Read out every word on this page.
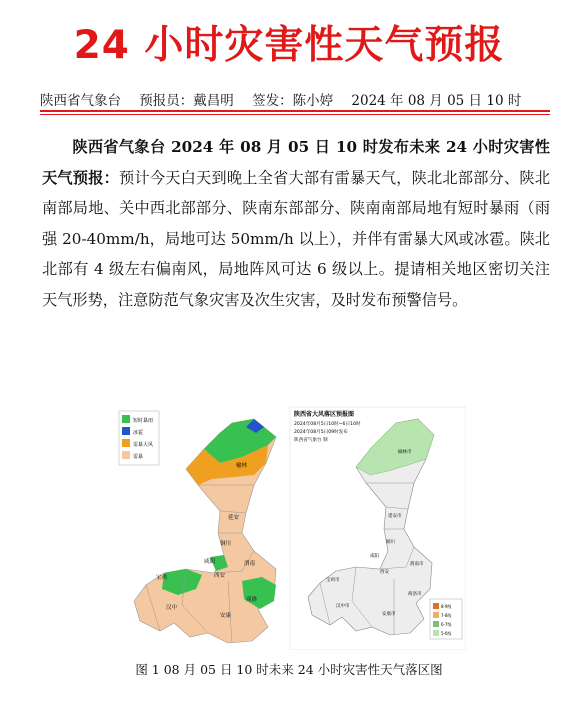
24 小时灾害性天气预报
陕西省气象台 预报员：戴昌明 签发：陈小婷 2024 年 08 月 05 日 10 时
陕西省气象台 2024 年 08 月 05 日 10 时发布未来 24 小时灾害性天气预报：预计今天白天到晚上全省大部有雷暴天气，陕北北部部分、陕北南部局地、关中西北部部分、陕南东部部分、陕南南部局地有短时暴雨（雨强 20-40mm/h，局地可达 50mm/h 以上），并伴有雷暴大风或冰雹。陕北北部有 4 级左右偏南风，局地阵风可达 6 级以上。提请相关地区密切关注天气形势，注意防范气象灾害及次生灾害，及时发布预警信号。
短时暴雨
冰雹
雷暴大风
雷暴
榆林
延安
铜川
宝鸡
咸阳
西安
渭南
汉中
安康
商洛
陕西省大风落区预报图
2024年08月5日10时~6日10时
2024年08月5日09时发布
陕西省气象台 制
榆林市
延安市
铜川
宝鸡市
咸阳
西安
渭南市
汉中市
安康市
商洛市
8-9级
7-8级
6-7级
5-6级
图 1 08 月 05 日 10 时未来 24 小时灾害性天气落区图
